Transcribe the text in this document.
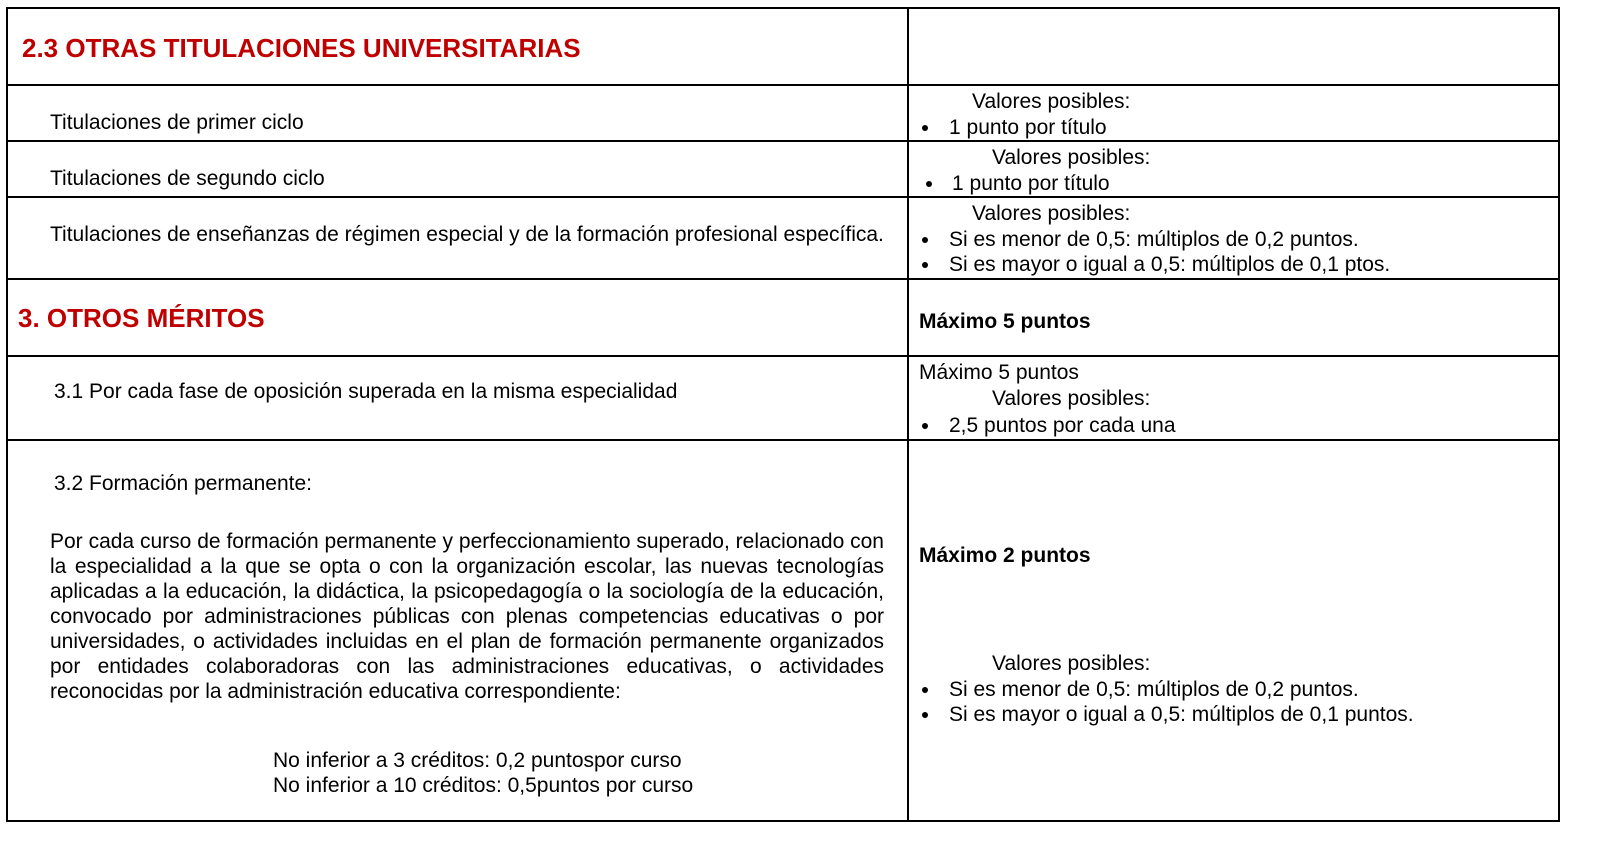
2.3 OTRAS TITULACIONES UNIVERSITARIAS
Titulaciones de primer ciclo
Valores posibles:
1 punto por título
Titulaciones de segundo ciclo
Valores posibles:
1 punto por título
Titulaciones de enseñanzas de régimen especial y de la formación profesional específica.
Valores posibles:
Si es menor de 0,5: múltiplos de 0,2 puntos.
Si es mayor o igual a 0,5: múltiplos de 0,1 ptos.
3. OTROS MÉRITOS	Máximo 5 puntos
3.1 Por cada fase de oposición superada en la misma especialidad
Máximo 5 puntos
Valores posibles:
2,5 puntos por cada una
3.2 Formación permanente:
Por cada curso de formación permanente y perfeccionamiento superado, relacionado con la especialidad a la que se opta o con la organización escolar, las nuevas tecnologías aplicadas a la educación, la didáctica, la psicopedagogía o la sociología de la educación, convocado por administraciones públicas con plenas competencias educativas o por universidades, o actividades incluidas en el plan de formación permanente organizados por entidades colaboradoras con las administraciones educativas, o actividades reconocidas por la administración educativa correspondiente:
No inferior a 3 créditos: 0,2 puntospor curso
No inferior a 10 créditos: 0,5puntos por curso
Máximo 2 puntos
Valores posibles:
Si es menor de 0,5: múltiplos de 0,2 puntos.
Si es mayor o igual a 0,5: múltiplos de 0,1 puntos.
